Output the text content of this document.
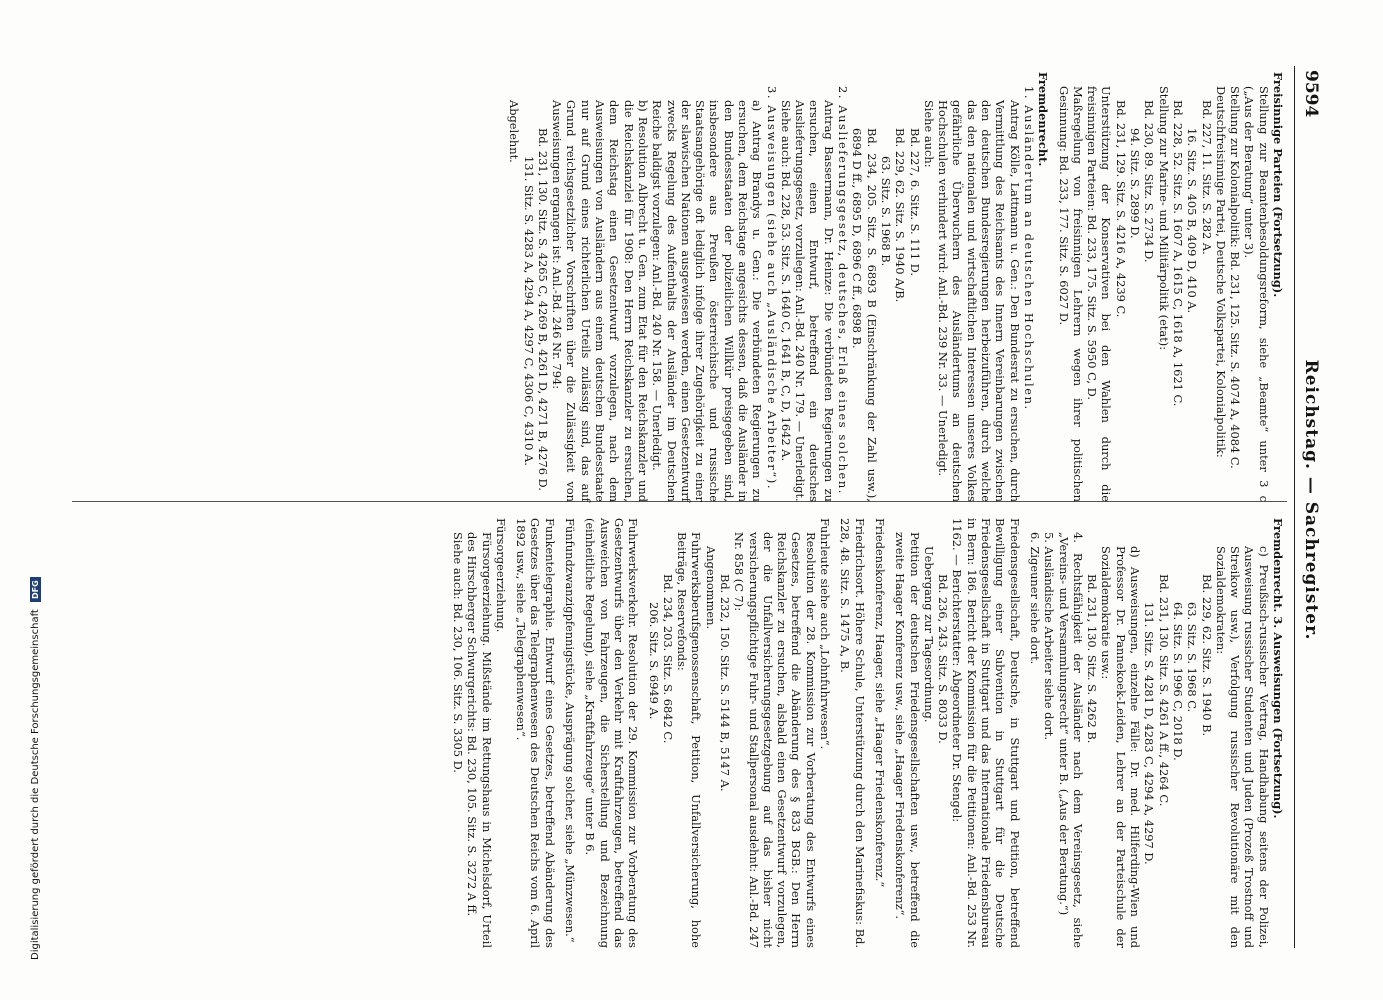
9594
Reichstag. — Sachregister.

Freisinnige Parteien (Fortsetzung).

Stellung zur Beamtenbesoldungsreform, siehe „Beamte“ unter 3 c („Aus der Beratung“ unter 3).

Stellung zur Kolonialpolitik: Bd. 231, 125. Sitz. S. 4074 A, 4084 C.

Deutschfreisinnige Partei, Deutsche Volkspartei, Kolonialpolitik:

Bd. 227, 11. Sitz. S. 282 A.

16. Sitz. S. 405 B, 409 D, 410 A.

Bd. 228, 52. Sitz. S. 1607 A, 1615 C, 1618 A, 1621 C.

Stellung zur Marine- und Militärpolitik (etat):

Bd. 230, 89. Sitz. S. 2734 D.

94. Sitz. S. 2899 D.

Bd. 231, 129. Sitz. S. 4216 A, 4239 C.

Unterstützung der Konservativen bei den Wahlen durch die freisinnigen Parteien: Bd. 233, 175. Sitz. S. 5950 C, D.

Maßregelung von freisinnigen Lehrern wegen ihrer politischen Gesinnung: Bd. 233, 177. Sitz. S. 6027 D.

Fremdenrecht.

1. Ausländertum an deutschen Hochschulen.

Antrag Kölle, Lattmann u. Gen.: Den Bundesrat zu ersuchen, durch Vermittlung des Reichsamts des Innern Vereinbarungen zwischen den deutschen Bundesregierungen herbeizuführen, durch welche das den nationalen und wirtschaftlichen Interessen unseres Volkes gefährliche Überwuchern des Ausländertums an deutschen Hochschulen verhindert wird: Anl.-Bd. 239 Nr. 33. — Unerledigt.

Siehe auch:

Bd. 227, 6. Sitz. S. 111 D.

Bd. 229, 62. Sitz. S. 1940 A/B.

63. Sitz. S. 1968 B.

Bd. 234, 205. Sitz. S. 6893 B (Einschränkung der Zahl usw.), 6894 D ff., 6895 D, 6896 C ff., 6898 B.

2. Auslieferungsgesetz, deutsches, Erlaß eines solchen.

Antrag Bassermann, Dr. Heinze: Die verbündeten Regierungen zu ersuchen, einen Entwurf, betreffend ein deutsches Auslieferungsgesetz, vorzulegen: Anl.-Bd. 240 Nr. 179. — Unerledigt.

Siehe auch: Bd. 228, 53. Sitz. S. 1640 C, 1641 B, C, D, 1642 A.

3. Ausweisungen (siehe auch „Ausländische Arbeiter“).

a) Antrag Brandys u. Gen.: Die verbündeten Regierungen zu ersuchen, dem Reichstage angesichts dessen, daß die Ausländer in den Bundesstaaten der polizeilichen Willkür preisgegeben sind, insbesondere aus Preußen österreichische und russische Staatsangehörige oft lediglich infolge ihrer Zugehörigkeit zu einer der slawischen Nationen ausgewiesen werden, einen Gesetzentwurf zwecks Regelung des Aufenthalts der Ausländer im Deutschen Reiche baldigst vorzulegen: Anl.-Bd. 240 Nr. 158. — Unerledigt.

b) Resolution Albrecht u. Gen. zum Etat für den Reichskanzler und die Reichskanzlei für 1908: Den Herrn Reichskanzler zu ersuchen, dem Reichstag einen Gesetzentwurf vorzulegen, nach dem Ausweisungen von Ausländern aus einem deutschen Bundesstaate nur auf Grund eines richterlichen Urteils zulässig sind, das auf Grund reichsgesetzlicher Vorschriften über die Zulässigkeit von Ausweisungen ergangen ist: Anl.-Bd. 246 Nr. 794:

Bd. 231, 130. Sitz. S. 4265 C, 4269 B, 4261 D, 4271 B, 4276 D.

131. Sitz. S. 4283 A, 4294 A, 4297 C, 4306 C, 4310 A.

Abgelehnt.

Fremdenrecht. 3. Ausweisungen (Fortsetzung).

c) Preußisch-russischer Vertrag, Handhabung seitens der Polizei, Ausweisung russischer Studenten und Juden (Prozeß Trostnoff und Streikow usw.), Verfolgung russischer Revolutionäre mit den Sozialdemokraten:

Bd. 229, 62. Sitz. S. 1940 B.

63. Sitz. S. 1968 C.

64. Sitz. S. 1996 C, 2018 D.

Bd. 231, 130. Sitz. S. 4261 A ff., 4264 C.

131. Sitz. S. 4281 D, 4283 C, 4294 A, 4297 D.

d) Ausweisungen, einzelne Fälle: Dr. med. Hilferding-Wien und Professor Dr. Pannekoek-Leiden, Lehrer an der Parteischule der Sozialdemokratie usw.:

Bd. 231, 130. Sitz. S. 4262 B.

4. Rechtsfähigkeit der Ausländer nach dem Vereinsgesetz, siehe „Vereins- und Versammlungsrecht“ unter B. („Aus der Beratung.“)

5. Ausländische Arbeiter siehe dort.

6. Zigeuner siehe dort.

Friedensgesellschaft, Deutsche, in Stuttgart und Petition, betreffend Bewilligung einer Subvention in Stuttgart für die Deutsche Friedensgesellschaft in Stuttgart und das Internationale Friedensbureau in Bern: 186. Bericht der Kommission für die Petitionen: Anl.-Bd. 253 Nr. 1162. — Berichterstatter: Abgeordneter Dr. Stengel:

Bd. 236, 243. Sitz. S. 8033 D.

Uebergang zur Tagesordnung.

Petition der deutschen Friedensgesellschaften usw., betreffend die zweite Haager Konferenz usw., siehe „Haager Friedenskonferenz“.

Friedenskonferenz, Haager, siehe „Haager Friedenskonferenz.“

Friedrichsort. Höhere Schule, Unterstützung durch den Marinefiskus: Bd. 228, 48. Sitz. S. 1475 A, B.

Fuhrleute siehe auch „Lohnfuhrwesen“.

Resolution der 28. Kommission zur Vorberatung des Entwurfs eines Gesetzes, betreffend die Abänderung des § 833 BGB.: Den Herrn Reichskanzler zu ersuchen, alsbald einen Gesetzentwurf vorzulegen, der die Unfallversicherungsgesetzgebung auf das bisher nicht versicherungspflichtige Fuhr- und Stallpersonal ausdehnt: Anl.-Bd. 247 Nr. 858 (C 7):

Bd. 232, 150. Sitz. S. 5144 B, 5147 A.

Angenommen.

Fuhrwerksberufsgenossenschaft, Petition, Unfallversicherung, hohe Beiträge, Reservefonds:

Bd. 234, 203. Sitz. S. 6842 C.

206. Sitz. S. 6949 A.

Fuhrwerksverkehr. Resolution der 29. Kommission zur Vorberatung des Gesetzentwurfs über den Verkehr mit Kraftfahrzeugen, betreffend das Ausweichen von Fahrzeugen, die Sicherstellung und Bezeichnung (einheitliche Regelung), siehe „Kraftfahrzeuge“ unter B 6.

Fünfundzwanzigpfennigstücke, Ausprägung solcher, siehe „Münzwesen.“

Funkentelegraphie. Entwurf eines Gesetzes, betreffend Abänderung des Gesetzes über das Telegraphenwesen des Deutschen Reichs vom 6. April 1892 usw., siehe „Telegraphenwesen“.

Fürsorgeerziehung.

Fürsorgeerziehung. Mißstände im Rettungshaus in Michelsdorf, Urteil des Hirschberger Schwurgerichts: Bd. 230, 105. Sitz. S. 3272 A ff.

Siehe auch: Bd. 230, 106. Sitz. S. 3305 D.

Digitalisierung gefördert durch die Deutsche Forschungsgemeinschaft DFG
